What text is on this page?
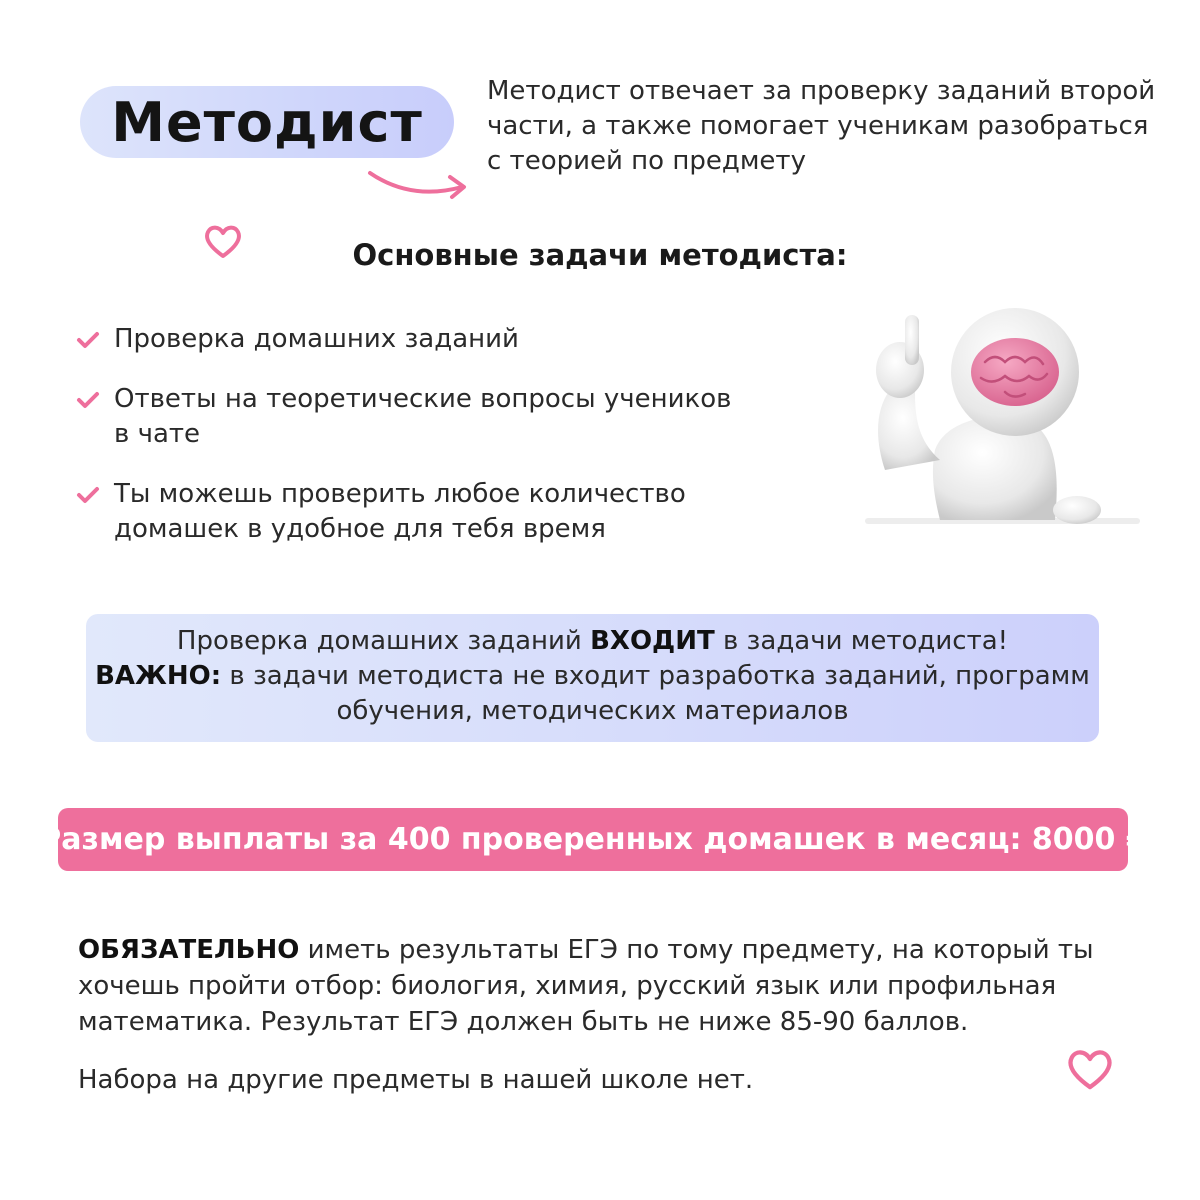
Методист Методист отвечает за проверку заданий второй
части, а также помогает ученикам разобраться
с теорией по предмету
Основные задачи методиста:
Проверка домашних заданий
Ответы на теоретические вопросы учеников
в чате
Ты можешь проверить любое количество
домашек в удобное для тебя время
Проверка домашних заданий ВХОДИТ в задачи методиста!
ВАЖНО: в задачи методиста не входит разработка заданий, программ
обучения, методических материалов
Размер выплаты за 400 проверенных домашек в месяц: 8000 ₽
ОБЯЗАТЕЛЬНО иметь результаты ЕГЭ по тому предмету, на который ты
хочешь пройти отбор: биология, химия, русский язык или профильная
математика. Результат ЕГЭ должен быть не ниже 85-90 баллов.
Набора на другие предметы в нашей школе нет.
